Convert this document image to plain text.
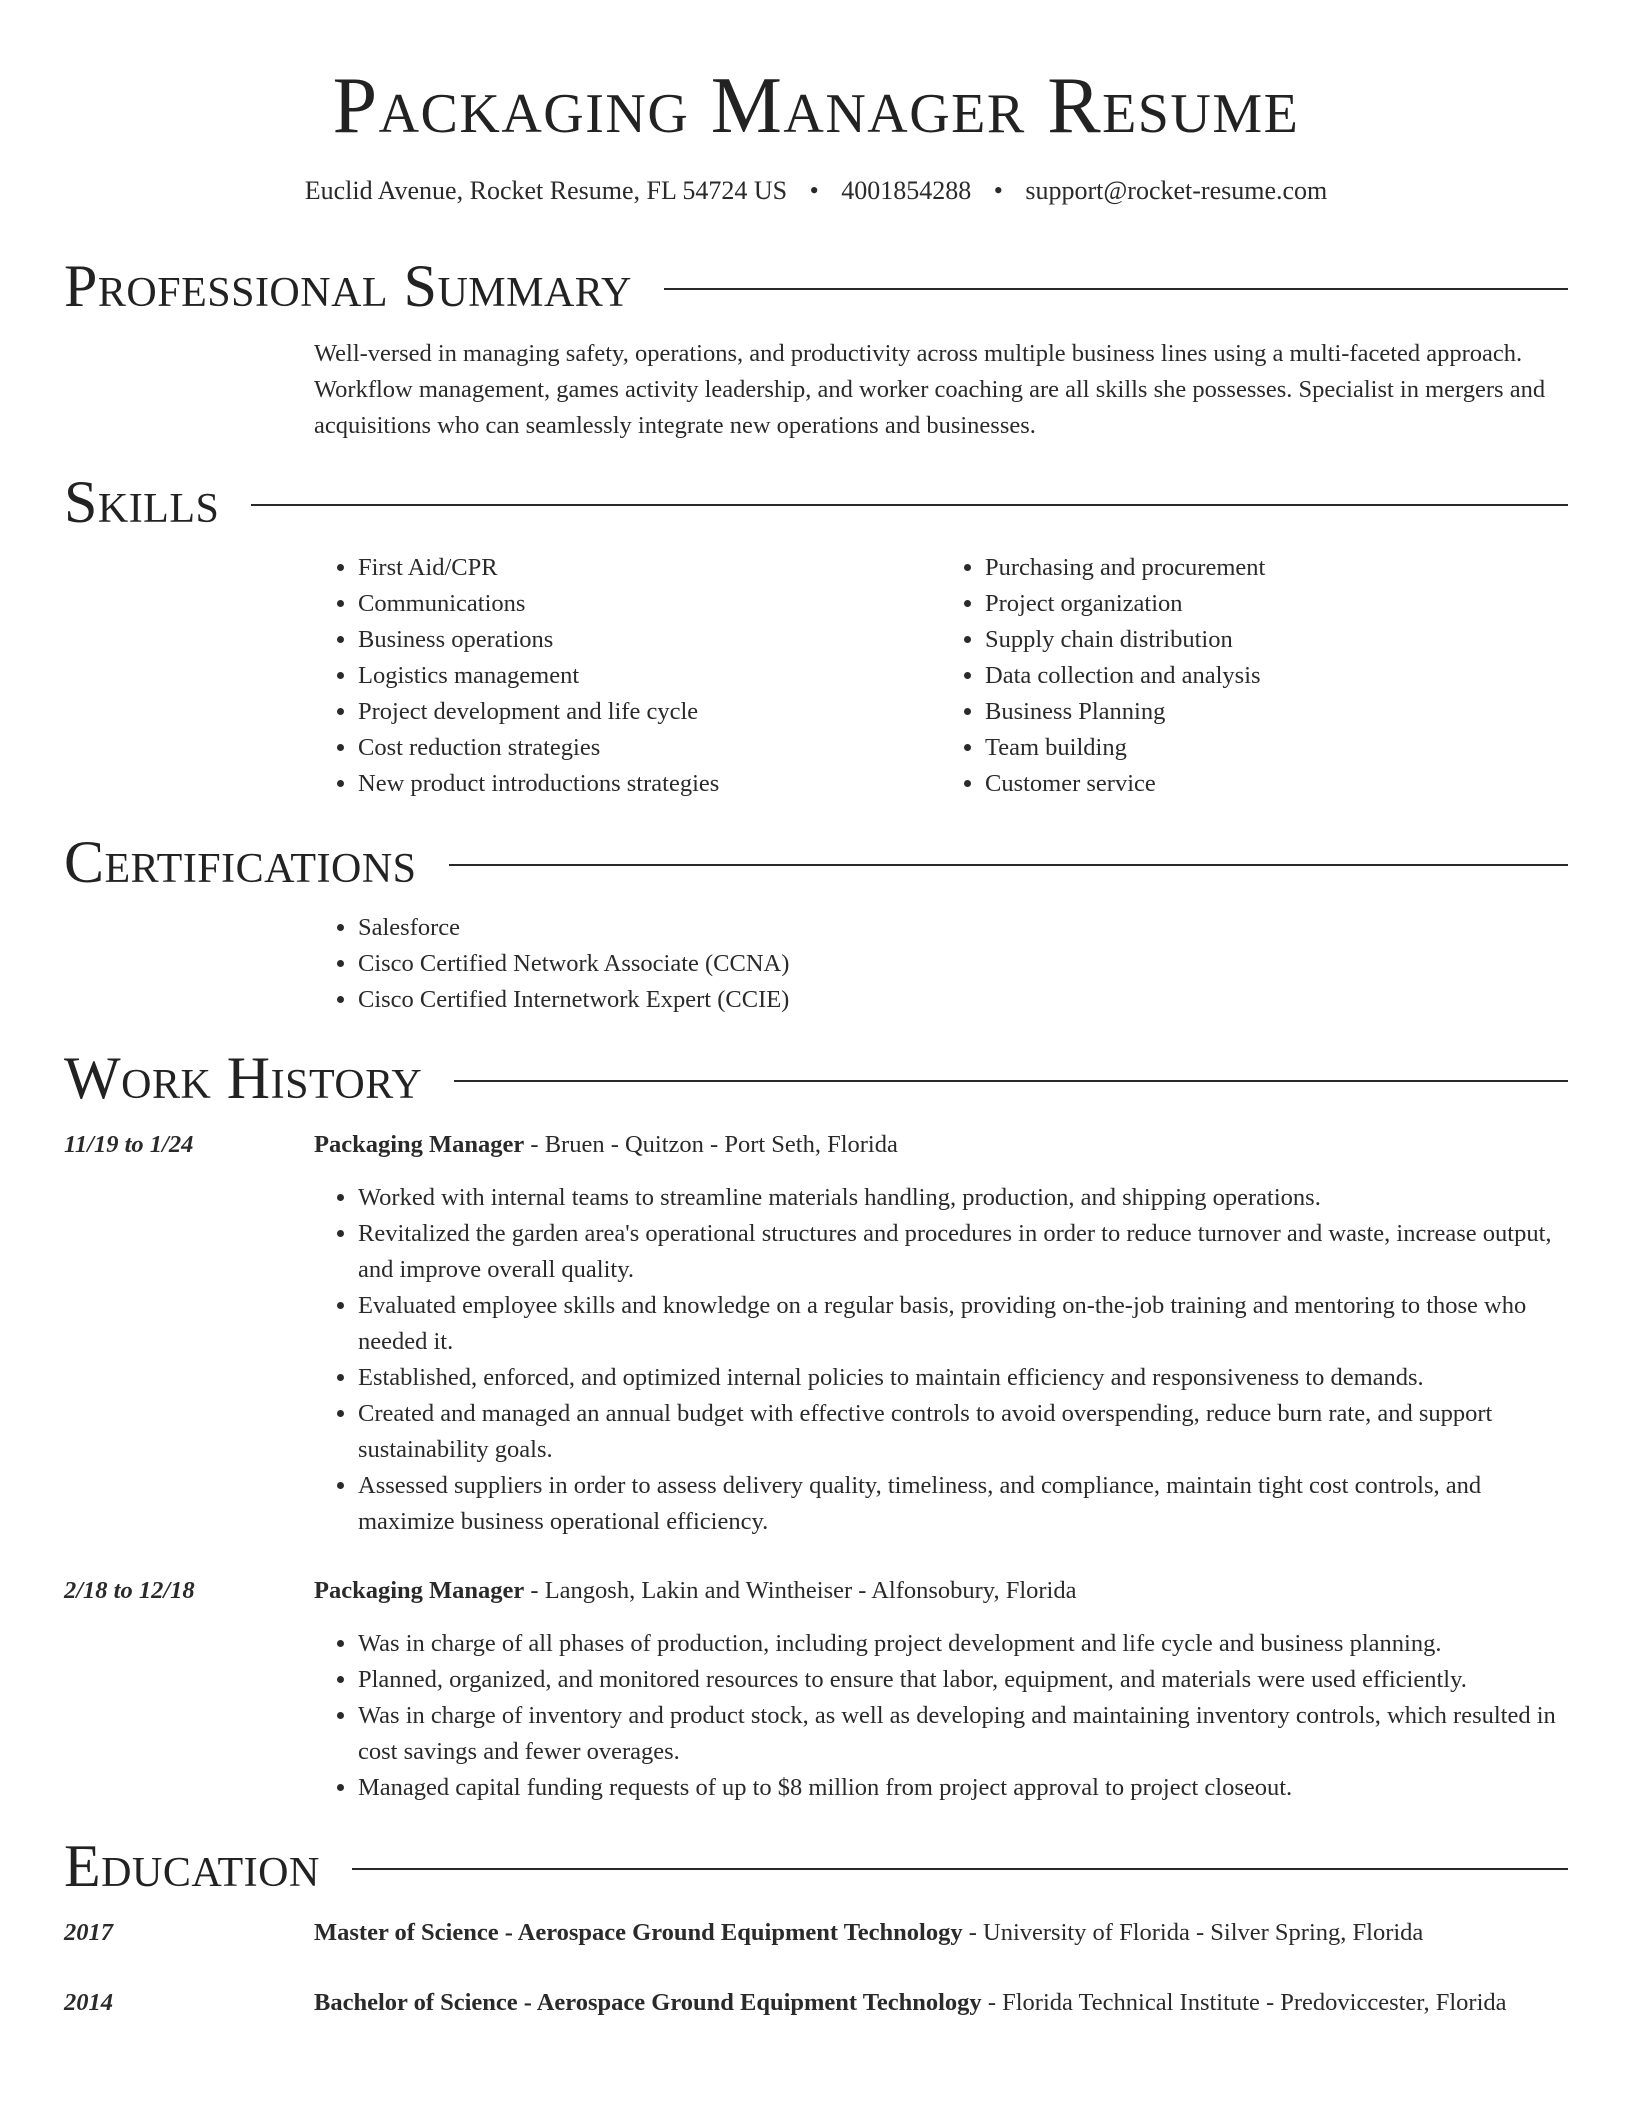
Packaging Manager Resume
Euclid Avenue, Rocket Resume, FL 54724 US • 4001854288 • support@rocket-resume.com
Professional Summary
Well-versed in managing safety, operations, and productivity across multiple business lines using a multi-faceted approach. Workflow management, games activity leadership, and worker coaching are all skills she possesses. Specialist in mergers and acquisitions who can seamlessly integrate new operations and businesses.
Skills
• First Aid/CPR
• Communications
• Business operations
• Logistics management
• Project development and life cycle
• Cost reduction strategies
• New product introductions strategies
• Purchasing and procurement
• Project organization
• Supply chain distribution
• Data collection and analysis
• Business Planning
• Team building
• Customer service
Certifications
• Salesforce
• Cisco Certified Network Associate (CCNA)
• Cisco Certified Internetwork Expert (CCIE)
Work History
11/19 to 1/24	Packaging Manager - Bruen - Quitzon - Port Seth, Florida
• Worked with internal teams to streamline materials handling, production, and shipping operations.
• Revitalized the garden area's operational structures and procedures in order to reduce turnover and waste, increase output, and improve overall quality.
• Evaluated employee skills and knowledge on a regular basis, providing on-the-job training and mentoring to those who needed it.
• Established, enforced, and optimized internal policies to maintain efficiency and responsiveness to demands.
• Created and managed an annual budget with effective controls to avoid overspending, reduce burn rate, and support sustainability goals.
• Assessed suppliers in order to assess delivery quality, timeliness, and compliance, maintain tight cost controls, and maximize business operational efficiency.
2/18 to 12/18	Packaging Manager - Langosh, Lakin and Wintheiser - Alfonsobury, Florida
• Was in charge of all phases of production, including project development and life cycle and business planning.
• Planned, organized, and monitored resources to ensure that labor, equipment, and materials were used efficiently.
• Was in charge of inventory and product stock, as well as developing and maintaining inventory controls, which resulted in cost savings and fewer overages.
• Managed capital funding requests of up to $8 million from project approval to project closeout.
Education
2017	Master of Science - Aerospace Ground Equipment Technology - University of Florida - Silver Spring, Florida
2014	Bachelor of Science - Aerospace Ground Equipment Technology - Florida Technical Institute - Predoviccester, Florida
